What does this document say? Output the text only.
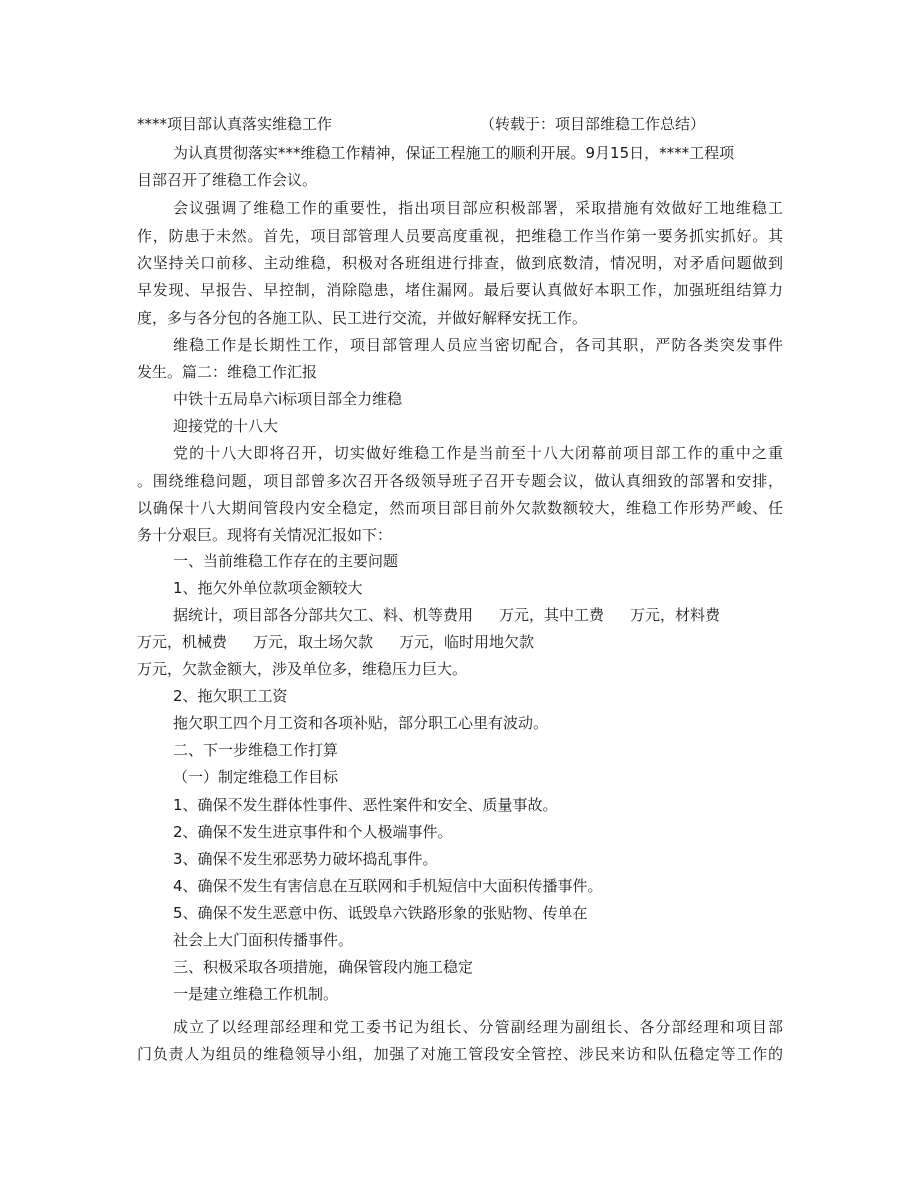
****项目部认真落实维稳工作	（转载于：项目部维稳工作总结）
为认真贯彻落实***维稳工作精神，保证工程施工的顺利开展。9月15日，****工程项
目部召开了维稳工作会议。
会议强调了维稳工作的重要性，指出项目部应积极部署，采取措施有效做好工地维稳工
作，防患于未然。首先，项目部管理人员要高度重视，把维稳工作当作第一要务抓实抓好。其
次坚持关口前移、主动维稳，积极对各班组进行排查，做到底数清，情况明，对矛盾问题做到
早发现、早报告、早控制，消除隐患，堵住漏网。最后要认真做好本职工作，加强班组结算力
度，多与各分包的各施工队、民工进行交流，并做好解释安抚工作。
维稳工作是长期性工作，项目部管理人员应当密切配合，各司其职，严防各类突发事件
发生。篇二：维稳工作汇报
中铁十五局阜六i标项目部全力维稳
迎接党的十八大
党的十八大即将召开，切实做好维稳工作是当前至十八大闭幕前项目部工作的重中之重
。围绕维稳问题，项目部曾多次召开各级领导班子召开专题会议，做认真细致的部署和安排，
以确保十八大期间管段内安全稳定，然而项目部目前外欠款数额较大，维稳工作形势严峻、任
务十分艰巨。现将有关情况汇报如下：
一、当前维稳工作存在的主要问题
1、拖欠外单位款项金额较大
据统计，项目部各分部共欠工、料、机等费用 万元，其中工费 万元，材料费
万元，机械费 万元，取土场欠款 万元，临时用地欠款
万元，欠款金额大，涉及单位多，维稳压力巨大。
2、拖欠职工工资
拖欠职工四个月工资和各项补贴，部分职工心里有波动。
二、下一步维稳工作打算
（一）制定维稳工作目标
1、确保不发生群体性事件、恶性案件和安全、质量事故。
2、确保不发生进京事件和个人极端事件。
3、确保不发生邪恶势力破坏捣乱事件。
4、确保不发生有害信息在互联网和手机短信中大面积传播事件。
5、确保不发生恶意中伤、诋毁阜六铁路形象的张贴物、传单在
社会上大门面积传播事件。
三、积极采取各项措施，确保管段内施工稳定
一是建立维稳工作机制。
成立了以经理部经理和党工委书记为组长、分管副经理为副组长、各分部经理和项目部
门负责人为组员的维稳领导小组，加强了对施工管段安全管控、涉民来访和队伍稳定等工作的
